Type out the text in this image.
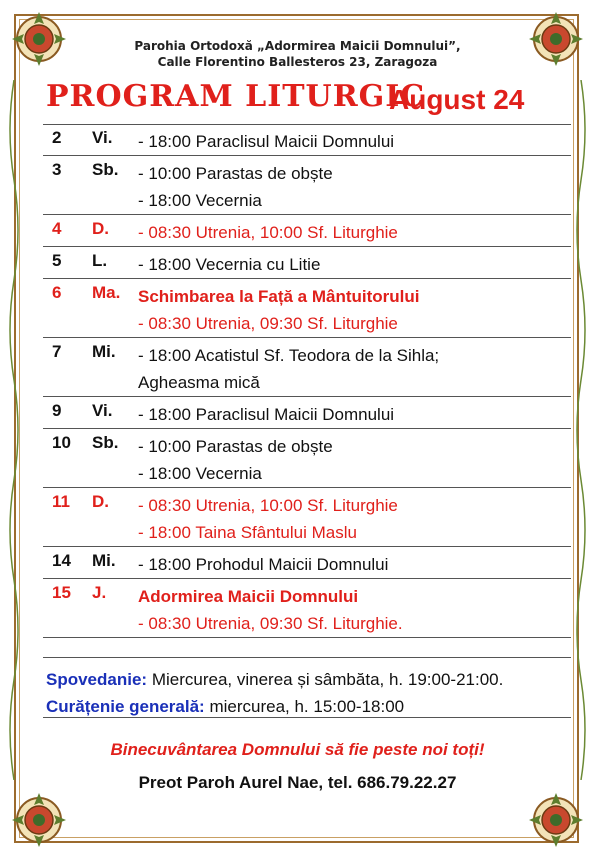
Parohia Ortodoxă „Adormirea Maicii Domnului”,
Calle Florentino Ballesteros 23, Zaragoza
PROGRAM LITURGIC
August 24
2 Vi. - 18:00 Paraclisul Maicii Domnului
3 Sb. - 10:00 Parastas de obște
- 18:00 Vecernia
4 D. - 08:30 Utrenia, 10:00 Sf. Liturghie
5 L. - 18:00 Vecernia cu Litie
6 Ma. Schimbarea la Față a Mântuitorului
- 08:30 Utrenia, 09:30 Sf. Liturghie
7 Mi. - 18:00 Acatistul Sf. Teodora de la Sihla;
Agheasma mică
9 Vi. - 18:00 Paraclisul Maicii Domnului
10 Sb. - 10:00 Parastas de obște
- 18:00 Vecernia
11 D. - 08:30 Utrenia, 10:00 Sf. Liturghie
- 18:00 Taina Sfântului Maslu
14 Mi. - 18:00 Prohodul Maicii Domnului
15 J. Adormirea Maicii Domnului
- 08:30 Utrenia, 09:30 Sf. Liturghie.
Spovedanie: Miercurea, vinerea și sâmbăta, h. 19:00-21:00.
Curățenie generală: miercurea, h. 15:00-18:00
Binecuvântarea Domnului să fie peste noi toți!
Preot Paroh Aurel Nae, tel. 686.79.22.27
